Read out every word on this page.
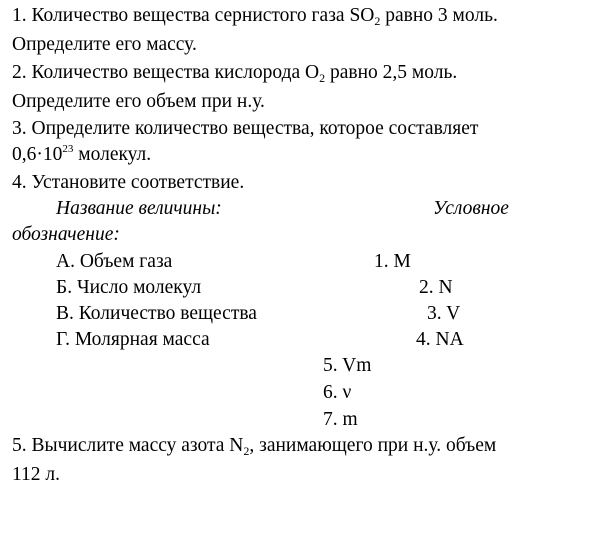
1. Количество вещества сернистого газа $SO_2$ равно 3 моль.
Определите его массу.
2. Количество вещества кислорода $O_2$ равно 2,5 моль.
Определите его объем при н.у.
3. Определите количество вещества, которое составляет
$0,6\cdot 10^{23}$ молекул.
4. Установите соответствие.
Название величины:	Условное
обозначение:
А. Объем газа
Б. Число молекул
В. Количество вещества
Г. Молярная масса
1. M
2. N
3. V
4. NA
5. Vm
6. ν
7. m
5. Вычислите массу азота $N_2$, занимающего при н.у. объем
112 л.
